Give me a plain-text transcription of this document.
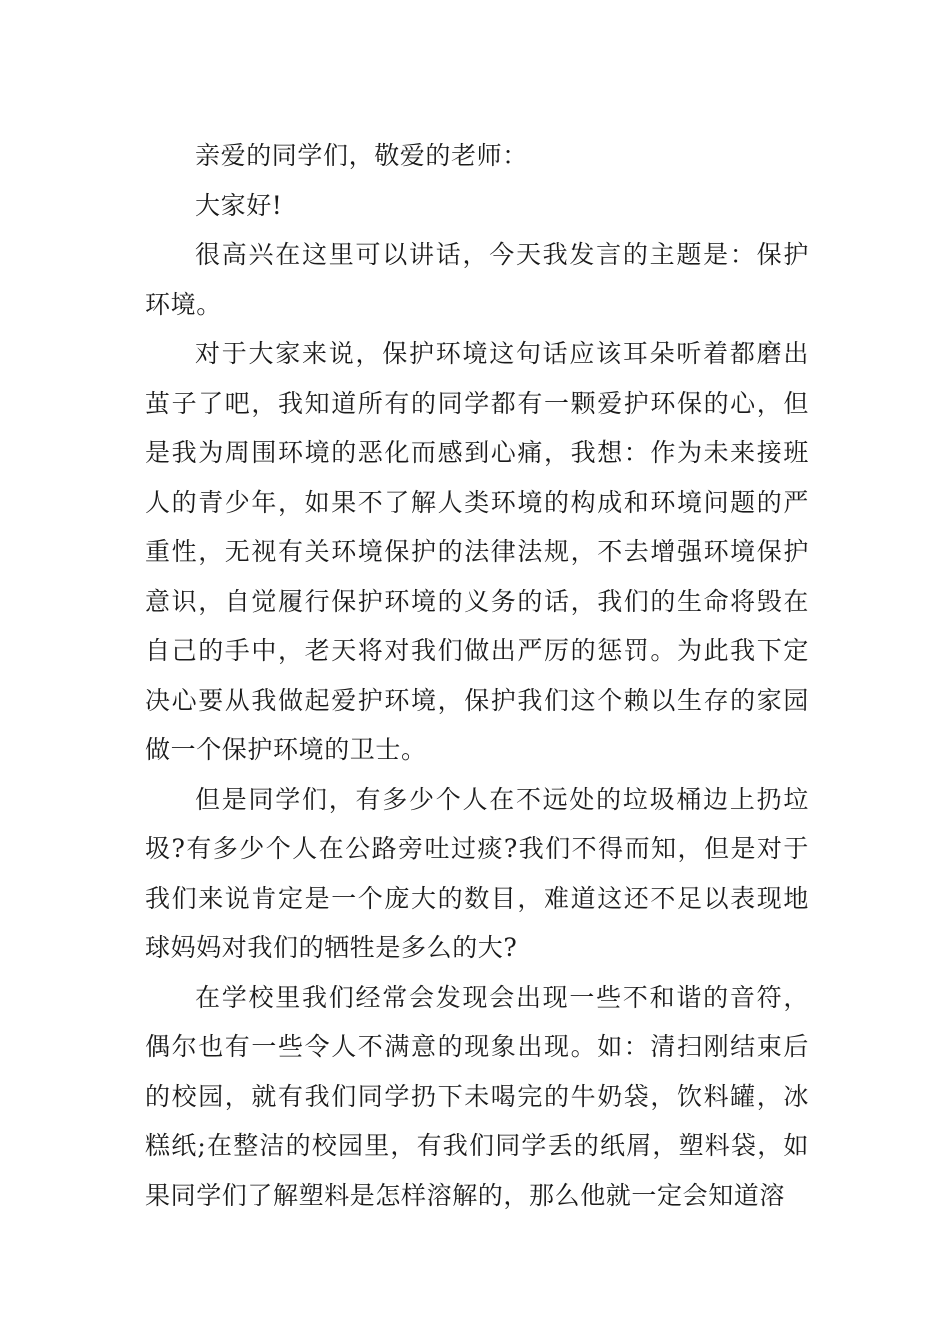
亲爱的同学们，敬爱的老师：

大家好!

很高兴在这里可以讲话，今天我发言的主题是：保护环境。

对于大家来说，保护环境这句话应该耳朵听着都磨出茧子了吧，我知道所有的同学都有一颗爱护环保的心，但是我为周围环境的恶化而感到心痛，我想：作为未来接班人的青少年，如果不了解人类环境的构成和环境问题的严重性，无视有关环境保护的法律法规，不去增强环境保护意识，自觉履行保护环境的义务的话，我们的生命将毁在自己的手中，老天将对我们做出严厉的惩罚。为此我下定决心要从我做起爱护环境，保护我们这个赖以生存的家园做一个保护环境的卫士。

但是同学们，有多少个人在不远处的垃圾桶边上扔垃圾?有多少个人在公路旁吐过痰?我们不得而知，但是对于我们来说肯定是一个庞大的数目，难道这还不足以表现地球妈妈对我们的牺牲是多么的大?

在学校里我们经常会发现会出现一些不和谐的音符，偶尔也有一些令人不满意的现象出现。如：清扫刚结束后的校园，就有我们同学扔下未喝完的牛奶袋，饮料罐，冰糕纸;在整洁的校园里，有我们同学丢的纸屑，塑料袋，如果同学们了解塑料是怎样溶解的，那么他就一定会知道溶
